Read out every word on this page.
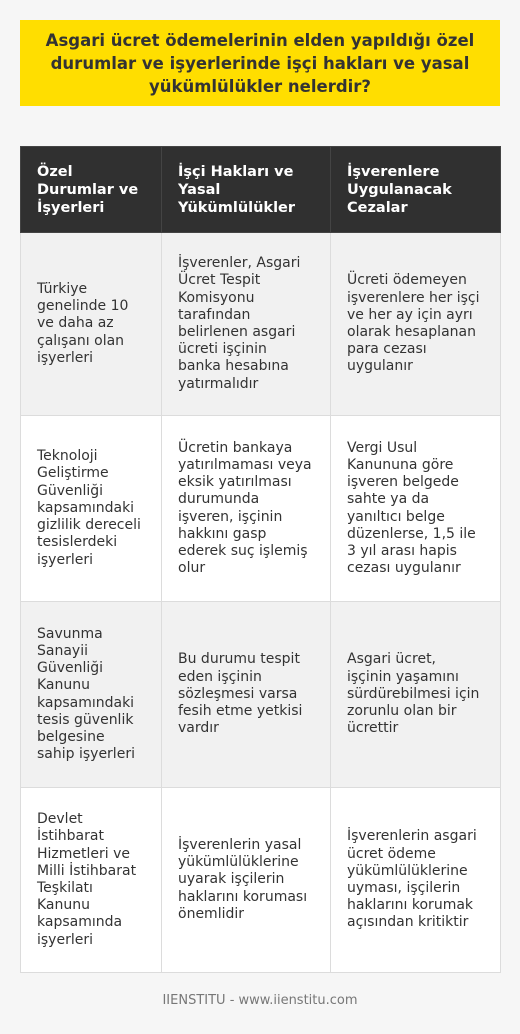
Asgari ücret ödemelerinin elden yapıldığı özel durumlar ve işyerlerinde işçi hakları ve yasal yükümlülükler nelerdir?
Özel Durumlar ve İşyerleri	İşçi Hakları ve Yasal Yükümlülükler	İşverenlere Uygulanacak Cezalar
Türkiye genelinde 10 ve daha az çalışanı olan işyerleri	İşverenler, Asgari Ücret Tespit Komisyonu tarafından belirlenen asgari ücreti işçinin banka hesabına yatırmalıdır	Ücreti ödemeyen işverenlere her işçi ve her ay için ayrı olarak hesaplanan para cezası uygulanır
Teknoloji Geliştirme Güvenliği kapsamındaki gizlilik dereceli tesislerdeki işyerleri	Ücretin bankaya yatırılmaması veya eksik yatırılması durumunda işveren, işçinin hakkını gasp ederek suç işlemiş olur	Vergi Usul Kanununa göre işveren belgede sahte ya da yanıltıcı belge düzenlerse, 1,5 ile 3 yıl arası hapis cezası uygulanır
Savunma Sanayii Güvenliği Kanunu kapsamındaki tesis güvenlik belgesine sahip işyerleri	Bu durumu tespit eden işçinin sözleşmesi varsa fesih etme yetkisi vardır	Asgari ücret, işçinin yaşamını sürdürebilmesi için zorunlu olan bir ücrettir
Devlet İstihbarat Hizmetleri ve Milli İstihbarat Teşkilatı Kanunu kapsamında işyerleri	İşverenlerin yasal yükümlülüklerine uyarak işçilerin haklarını koruması önemlidir	İşverenlerin asgari ücret ödeme yükümlülüklerine uyması, işçilerin haklarını korumak açısından kritiktir
IIENSTITU - www.iienstitu.com
